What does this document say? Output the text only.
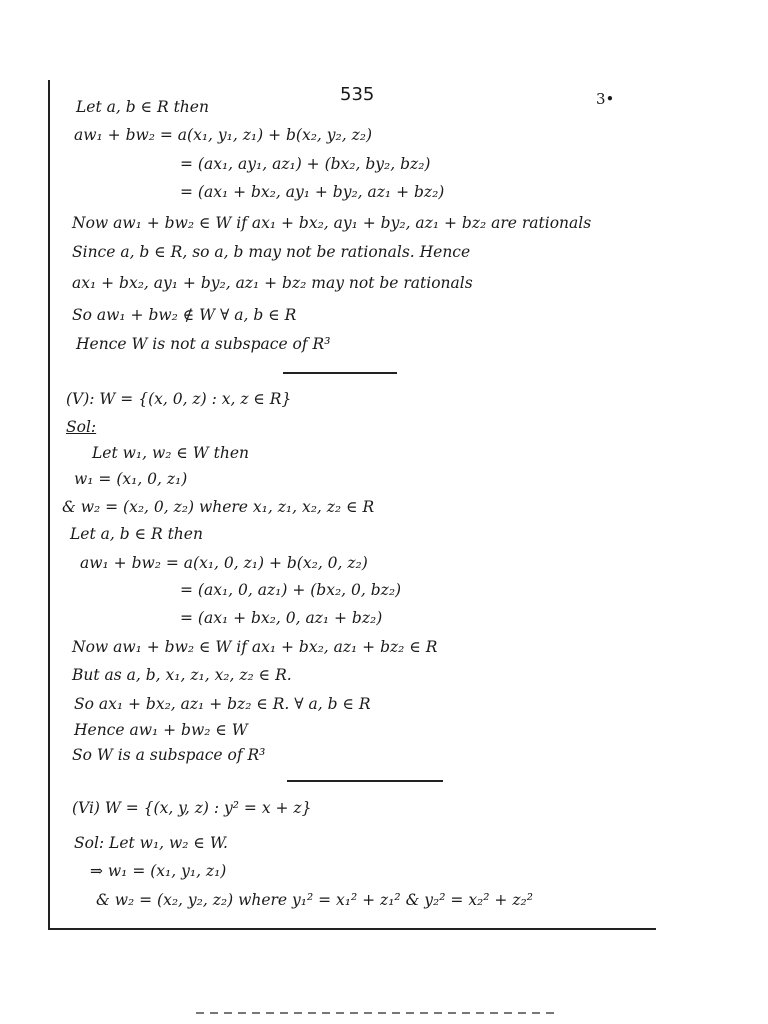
535	3•
Let a, b ∈ R then
aw₁ + bw₂ = a(x₁, y₁, z₁) + b(x₂, y₂, z₂)
= (ax₁, ay₁, az₁) + (bx₂, by₂, bz₂)
= (ax₁ + bx₂, ay₁ + by₂, az₁ + bz₂)
Now aw₁ + bw₂ ∈ W if ax₁ + bx₂, ay₁ + by₂, az₁ + bz₂ are rationals
Since a, b ∈ R, so a, b may not be rationals. Hence
ax₁ + bx₂, ay₁ + by₂, az₁ + bz₂ may not be rationals
So aw₁ + bw₂ ∉ W ∀ a, b ∈ R
Hence W is not a subspace of R³
(V): W = {(x, 0, z) : x, z ∈ R}
Sol:
Let w₁, w₂ ∈ W then
w₁ = (x₁, 0, z₁)
& w₂ = (x₂, 0, z₂) where x₁, z₁, x₂, z₂ ∈ R
Let a, b ∈ R then
aw₁ + bw₂ = a(x₁, 0, z₁) + b(x₂, 0, z₂)
= (ax₁, 0, az₁) + (bx₂, 0, bz₂)
= (ax₁ + bx₂, 0, az₁ + bz₂)
Now aw₁ + bw₂ ∈ W if ax₁ + bx₂, az₁ + bz₂ ∈ R
But as a, b, x₁, z₁, x₂, z₂ ∈ R.
So ax₁ + bx₂, az₁ + bz₂ ∈ R. ∀ a, b ∈ R
Hence aw₁ + bw₂ ∈ W
So W is a subspace of R³
(Vi) W = {(x, y, z) : y² = x + z}
Sol: Let w₁, w₂ ∈ W.
⇒ w₁ = (x₁, y₁, z₁)
& w₂ = (x₂, y₂, z₂) where y₁² = x₁² + z₁² & y₂² = x₂² + z₂²
